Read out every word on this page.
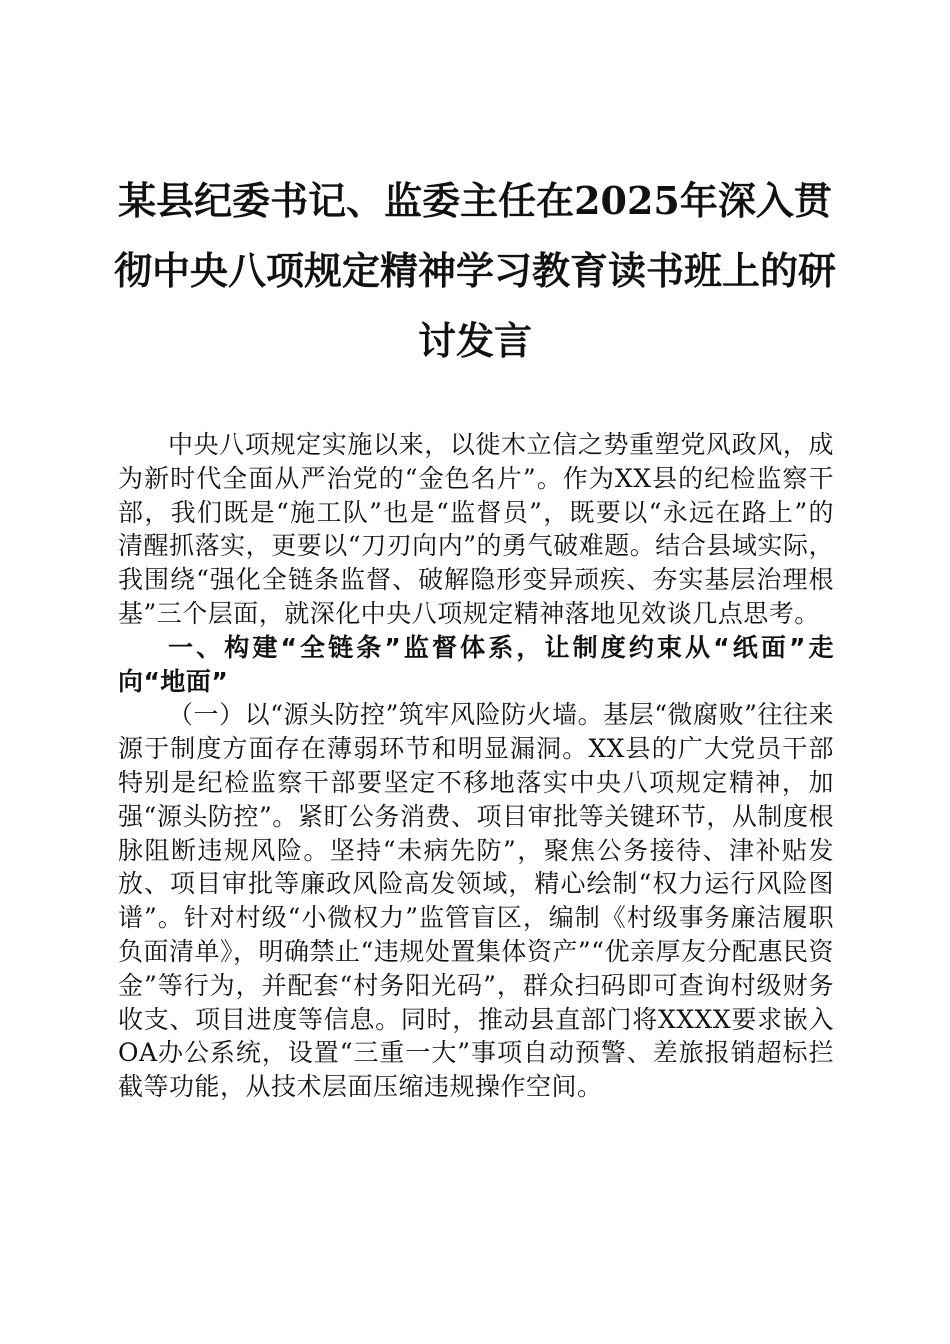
某县纪委书记、监委主任在2025年深入贯彻中央八项规定精神学习教育读书班上的研讨发言

中央八项规定实施以来，以徙木立信之势重塑党风政风，成为新时代全面从严治党的“金色名片”。作为XX县的纪检监察干部，我们既是“施工队”也是“监督员”，既要以“永远在路上”的清醒抓落实，更要以“刀刃向内”的勇气破难题。结合县域实际，我围绕“强化全链条监督、破解隐形变异顽疾、夯实基层治理根基”三个层面，就深化中央八项规定精神落地见效谈几点思考。

一、构建“全链条”监督体系，让制度约束从“纸面”走向“地面”

（一）以“源头防控”筑牢风险防火墙。基层“微腐败”往往来源于制度方面存在薄弱环节和明显漏洞。XX县的广大党员干部特别是纪检监察干部要坚定不移地落实中央八项规定精神，加强“源头防控”。紧盯公务消费、项目审批等关键环节，从制度根脉阻断违规风险。坚持“未病先防”，聚焦公务接待、津补贴发放、项目审批等廉政风险高发领域，精心绘制“权力运行风险图谱”。针对村级“小微权力”监管盲区，编制《村级事务廉洁履职负面清单》，明确禁止“违规处置集体资产”“优亲厚友分配惠民资金”等行为，并配套“村务阳光码”，群众扫码即可查询村级财务收支、项目进度等信息。同时，推动县直部门将XXXX要求嵌入OA办公系统，设置“三重一大”事项自动预警、差旅报销超标拦截等功能，从技术层面压缩违规操作空间。
